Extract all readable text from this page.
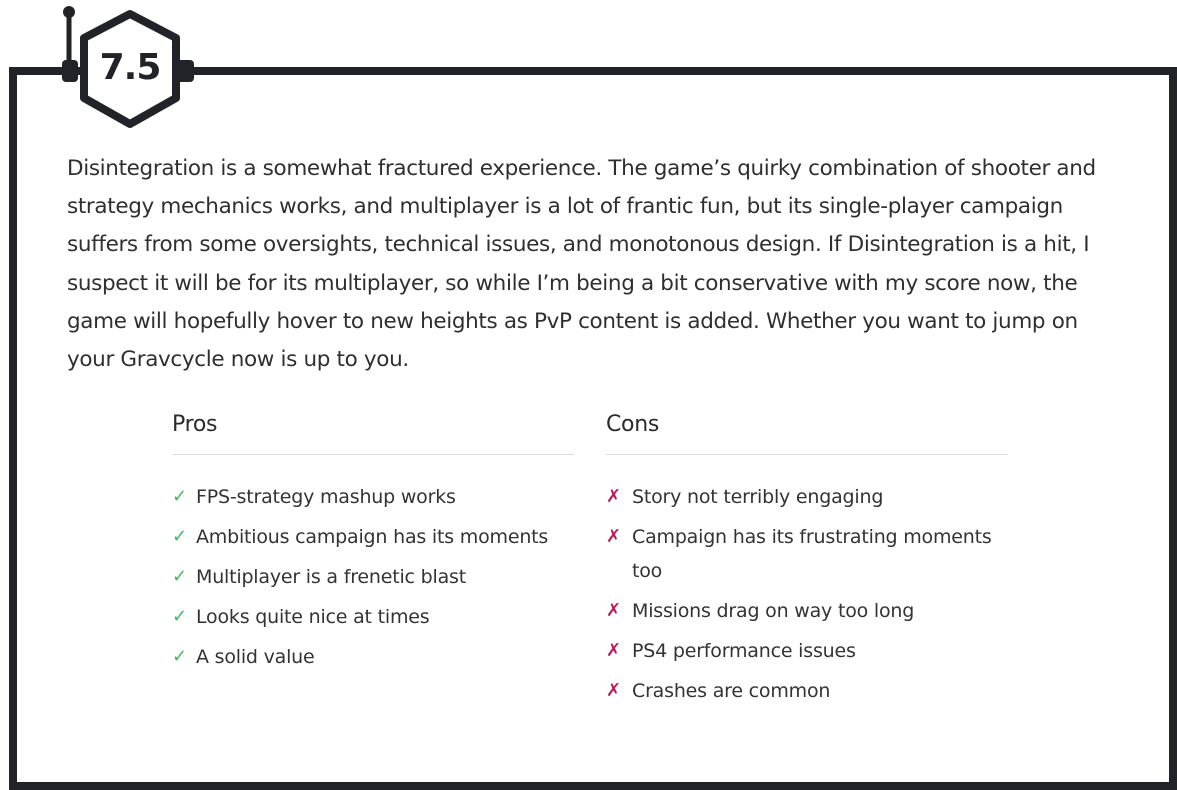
7.5

Disintegration is a somewhat fractured experience. The game’s quirky combination of shooter and strategy mechanics works, and multiplayer is a lot of frantic fun, but its single-player campaign suffers from some oversights, technical issues, and monotonous design. If Disintegration is a hit, I suspect it will be for its multiplayer, so while I’m being a bit conservative with my score now, the game will hopefully hover to new heights as PvP content is added. Whether you want to jump on your Gravcycle now is up to you.

Pros
✓ FPS-strategy mashup works
✓ Ambitious campaign has its moments
✓ Multiplayer is a frenetic blast
✓ Looks quite nice at times
✓ A solid value
Cons
✗ Story not terribly engaging
✗ Campaign has its frustrating moments too
✗ Missions drag on way too long
✗ PS4 performance issues
✗ Crashes are common
